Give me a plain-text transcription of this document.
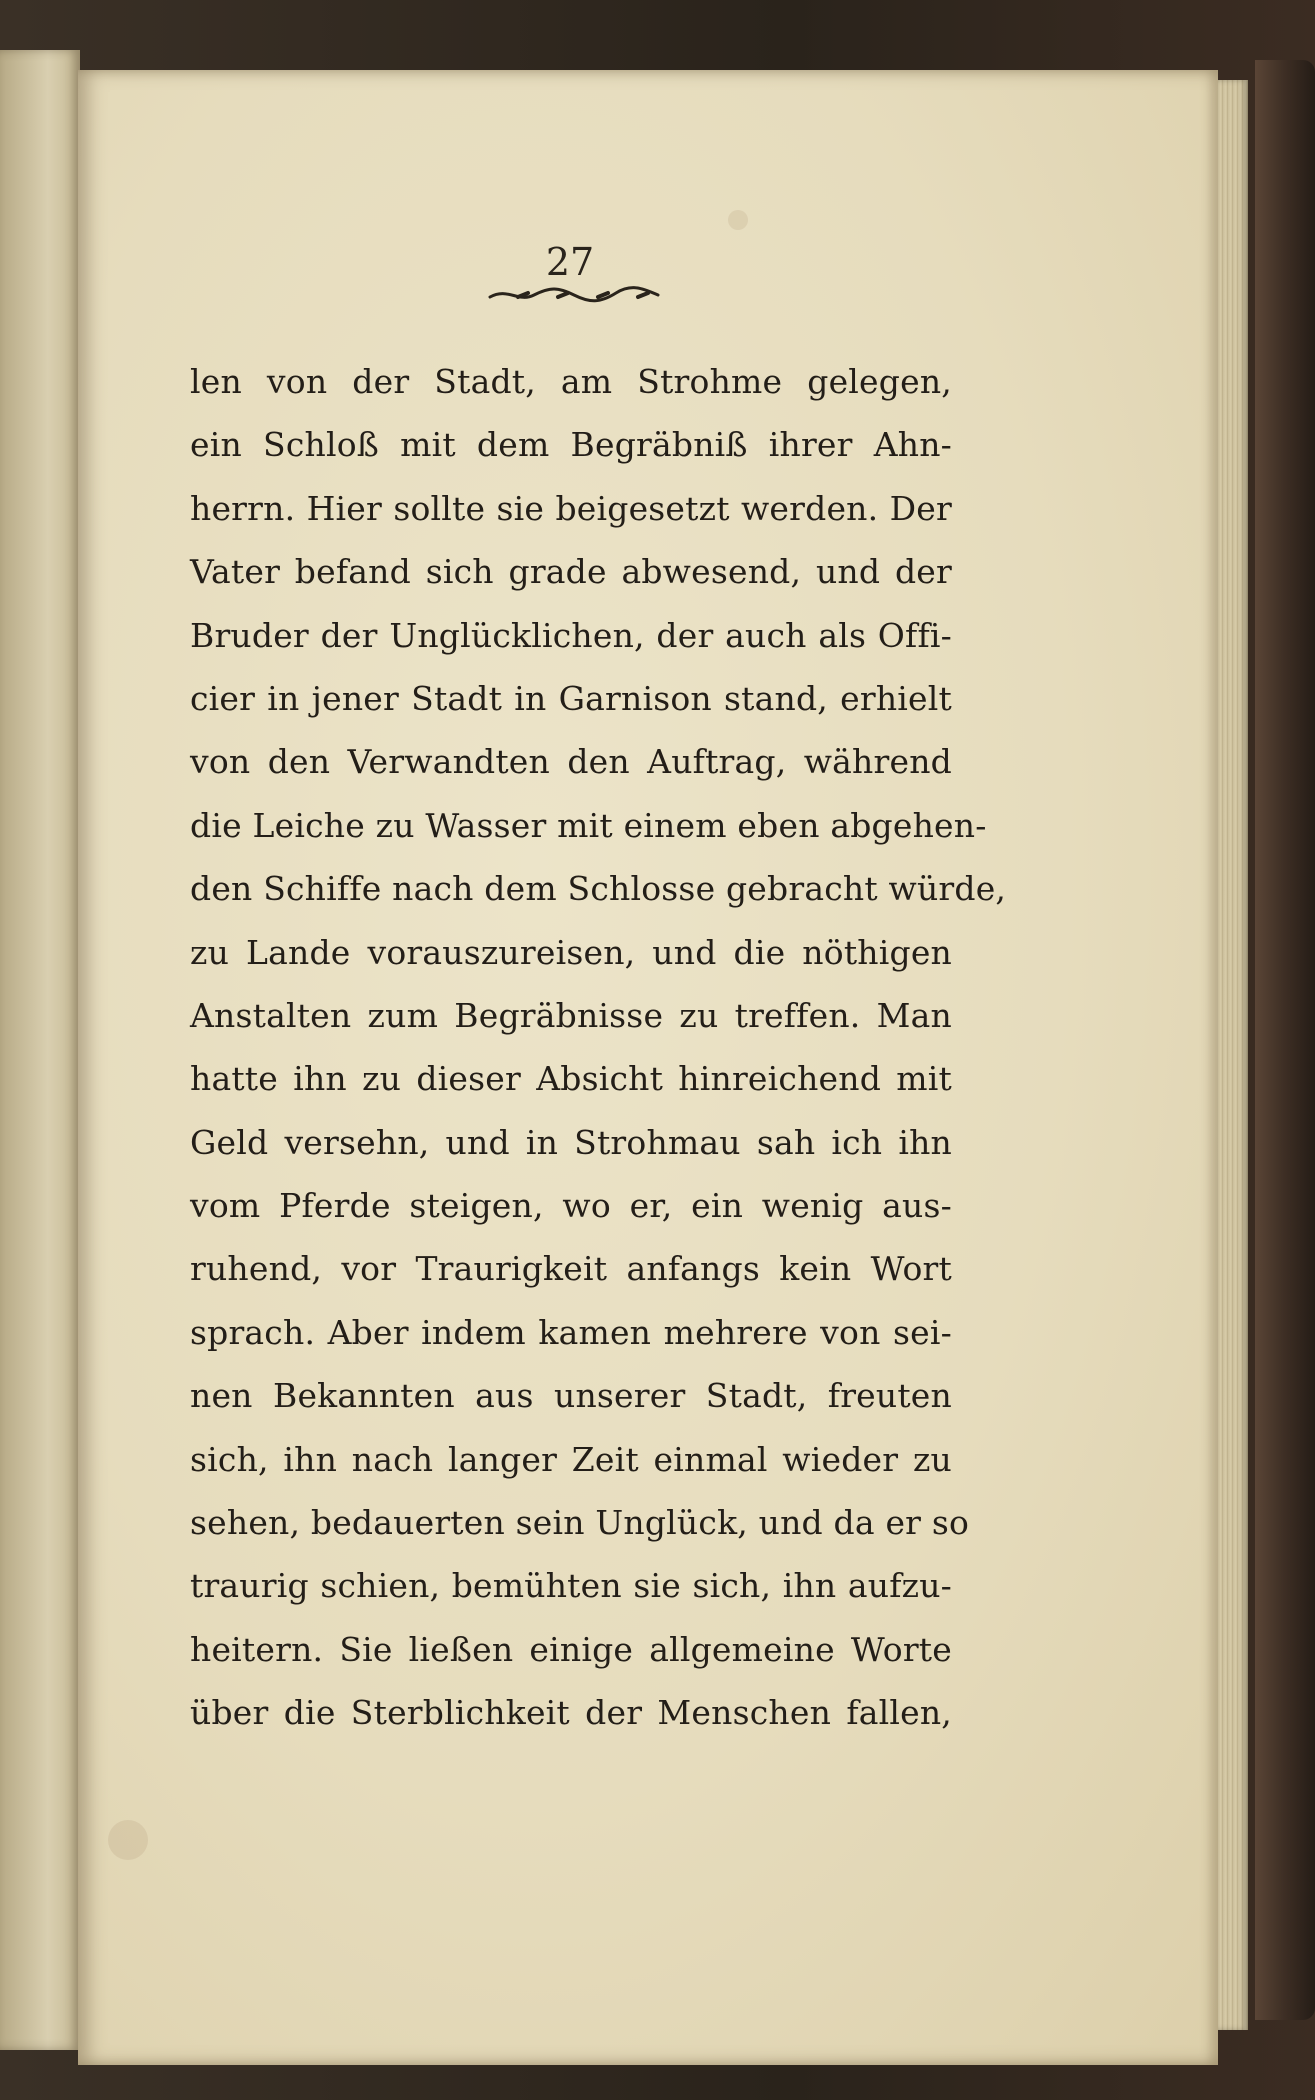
27
len von der Stadt, am Strohme gelegen,
ein Schloß mit dem Begräbniß ihrer Ahn-
herrn. Hier sollte sie beigesetzt werden. Der
Vater befand sich grade abwesend, und der
Bruder der Unglücklichen, der auch als Offi-
cier in jener Stadt in Garnison stand, erhielt
von den Verwandten den Auftrag, während
die Leiche zu Wasser mit einem eben abgehen-
den Schiffe nach dem Schlosse gebracht würde,
zu Lande vorauszureisen, und die nöthigen
Anstalten zum Begräbnisse zu treffen. Man
hatte ihn zu dieser Absicht hinreichend mit
Geld versehn, und in Strohmau sah ich ihn
vom Pferde steigen, wo er, ein wenig aus-
ruhend, vor Traurigkeit anfangs kein Wort
sprach. Aber indem kamen mehrere von sei-
nen Bekannten aus unserer Stadt, freuten
sich, ihn nach langer Zeit einmal wieder zu
sehen, bedauerten sein Unglück, und da er so
traurig schien, bemühten sie sich, ihn aufzu-
heitern. Sie ließen einige allgemeine Worte
über die Sterblichkeit der Menschen fallen,
